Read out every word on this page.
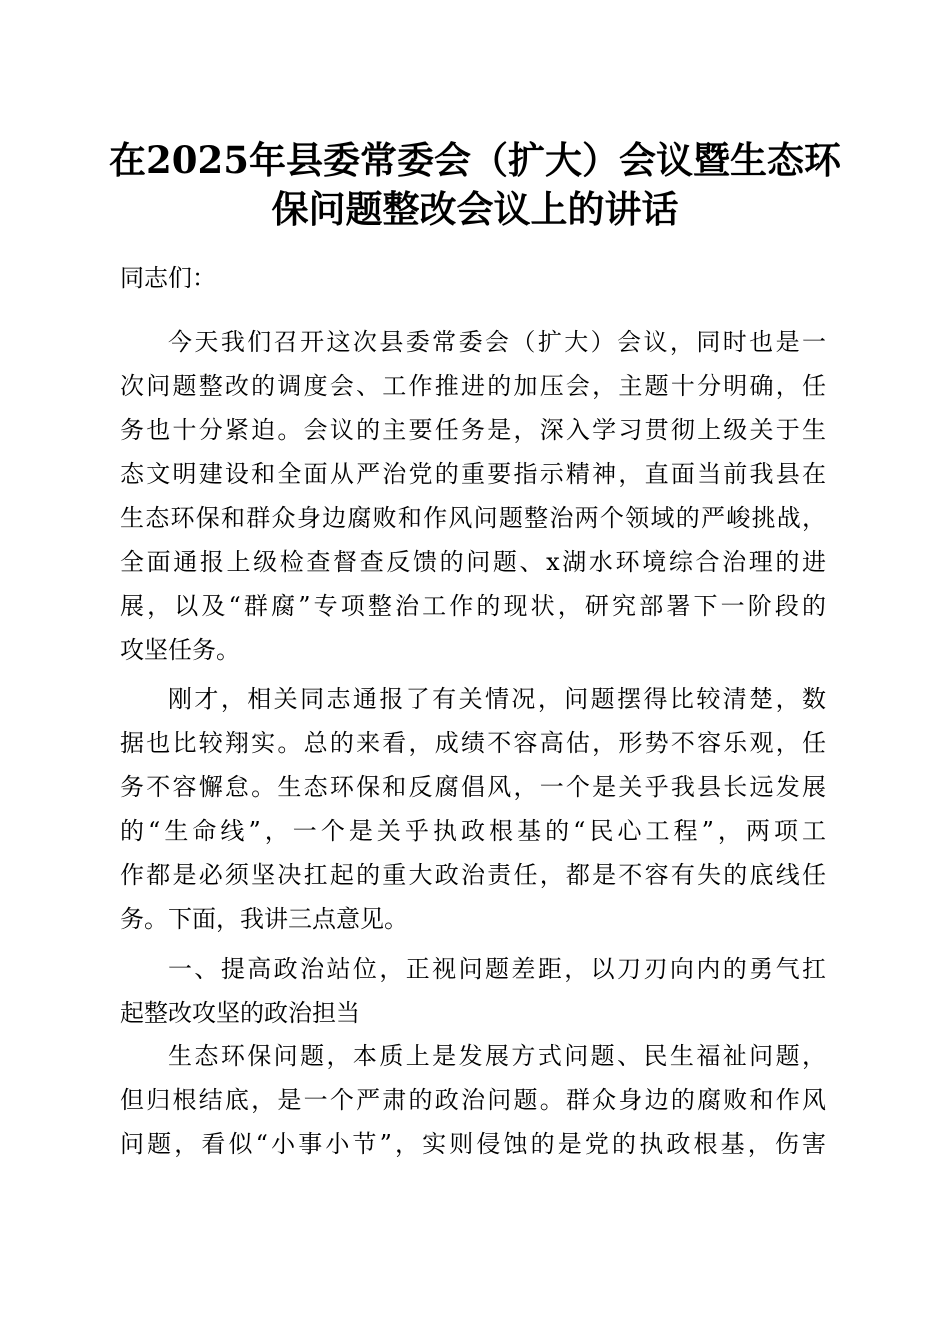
在2025年县委常委会（扩大）会议暨生态环
保问题整改会议上的讲话
同志们：
今天我们召开这次县委常委会（扩大）会议，同时也是一
次问题整改的调度会、工作推进的加压会，主题十分明确，任
务也十分紧迫。会议的主要任务是，深入学习贯彻上级关于生
态文明建设和全面从严治党的重要指示精神，直面当前我县在
生态环保和群众身边腐败和作风问题整治两个领域的严峻挑战，
全面通报上级检查督查反馈的问题、x湖水环境综合治理的进
展，以及“群腐”专项整治工作的现状，研究部署下一阶段的
攻坚任务。
刚才，相关同志通报了有关情况，问题摆得比较清楚，数
据也比较翔实。总的来看，成绩不容高估，形势不容乐观，任
务不容懈怠。生态环保和反腐倡风，一个是关乎我县长远发展
的“生命线”，一个是关乎执政根基的“民心工程”，两项工
作都是必须坚决扛起的重大政治责任，都是不容有失的底线任
务。下面，我讲三点意见。
一、提高政治站位，正视问题差距，以刀刃向内的勇气扛
起整改攻坚的政治担当
生态环保问题，本质上是发展方式问题、民生福祉问题，
但归根结底，是一个严肃的政治问题。群众身边的腐败和作风
问题，看似“小事小节”，实则侵蚀的是党的执政根基，伤害
